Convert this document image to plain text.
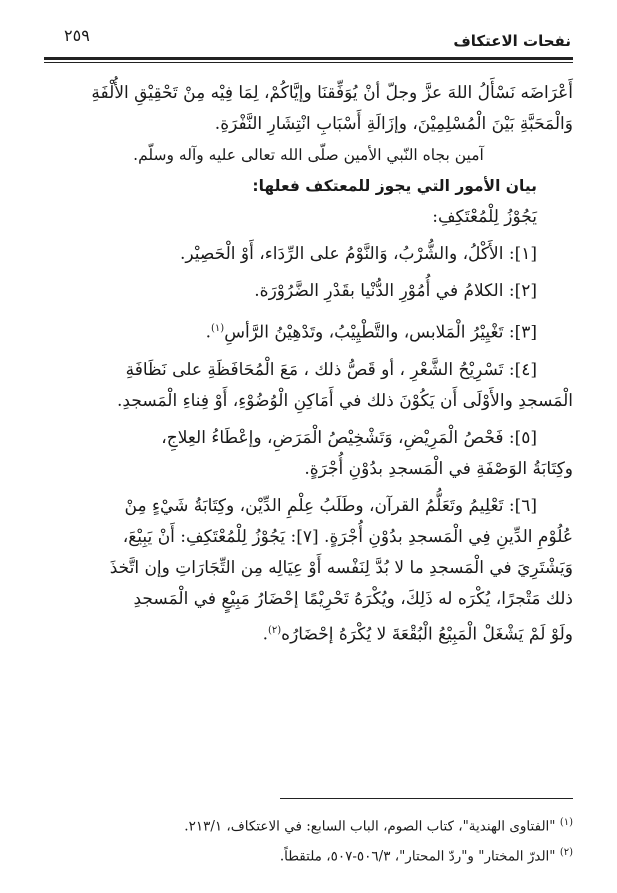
نفحات الاعتكاف
٢٥٩

أَعْرَاضَه نَسْأَلُ اللهَ عزَّ وجلّ أنْ يُوَفِّقنَا وإيَّاكُمْ، لِمَا فِيْه مِنْ تَحْقِيْقِ الأُلْفَةِ

وَالْمَحَبَّةِ بَيْنَ الْمُسْلِمِيْنَ، وإزَالَةِ أَسْبَابِ انْتِشَارِ النَّفْرَةِ.

آمين بجاه النّبي الأمين صلّى الله تعالى عليه وآله وسلّم.

بيان الأمور التي يجوز للمعتكف فعلها:

يَجُوْزُ لِلْمُعْتَكِفِ:

[١]: الأَكْلُ، والشُّرْبُ، وَالنَّوْمُ على الرِّدَاء، أَوْ الْحَصِيْر.

[٢]: الكلامُ في أُمُوْرِ الدُّنْيا بقَدْرِ الضَّرُوْرَة.

[٣]: تَغْيِيْرُ الْمَلابس، والتَّطْيِيْبُ، وتَدْهِيْنُ الرَّأسِ$^{(١)}$.

[٤]: تَسْرِيْحُ الشَّعْرِ ، أو قَصُّ ذلك ، مَعَ الْمُحَافَظَةِ على نَظَافَةِ

الْمَسجدِ والأَوْلَى أَن يَكُوْنَ ذلك في أَمَاكِنِ الْوُضُوْءِ، أَوْ فِناءِ الْمَسجدِ.

[٥]: فَحْصُ الْمَرِيْضِ، وَتَشْخِيْصُ الْمَرَضِ، وإعْطَاءُ العِلاجِ،

وكِتَابَةُ الوَصْفَةِ في الْمَسجدِ بدُوْنِ أُجْرَةٍ.

[٦]: تَعْلِيمُ وتَعَلُّمُ القرآن، وطَلَبُ عِلْمِ الدِّيْن، وكِتَابَةُ شَيْءٍ مِنْ

عُلُوْمِ الدِّينِ فِي الْمَسجدِ بدُوْنِ أُجْرَةٍ. [٧]: يَجُوْزُ لِلْمُعْتَكِفِ: أَنْ يَبِيْعَ،

وَيَشْتَرِيَ في الْمَسجدِ ما لا بُدَّ لِنَفْسه أَوْ عِيَالِه مِن التِّجَارَاتِ وإن اتَّخذَ

ذلك مَتْجرًا، يُكْرَه له ذَلِكَ، ويُكْرَهُ تَحْرِيْمًا إحْضَارُ مَبِيْعٍ في الْمَسجدِ

ولَوْ لَمْ يَشْغَلْ الْمَبِيْعُ الْبُقْعَةَ لا يُكْرَهُ إحْضَارُه$^{(٢)}$.

$^{(١)}$ "الفتاوى الهندية"، كتاب الصوم، الباب السابع: في الاعتكاف، ٢١٣/١.

$^{(٢)}$ "الدرّ المختار" و"ردّ المحتار"، ٥٠٦/٣-٥٠٧، ملتقطاً.
